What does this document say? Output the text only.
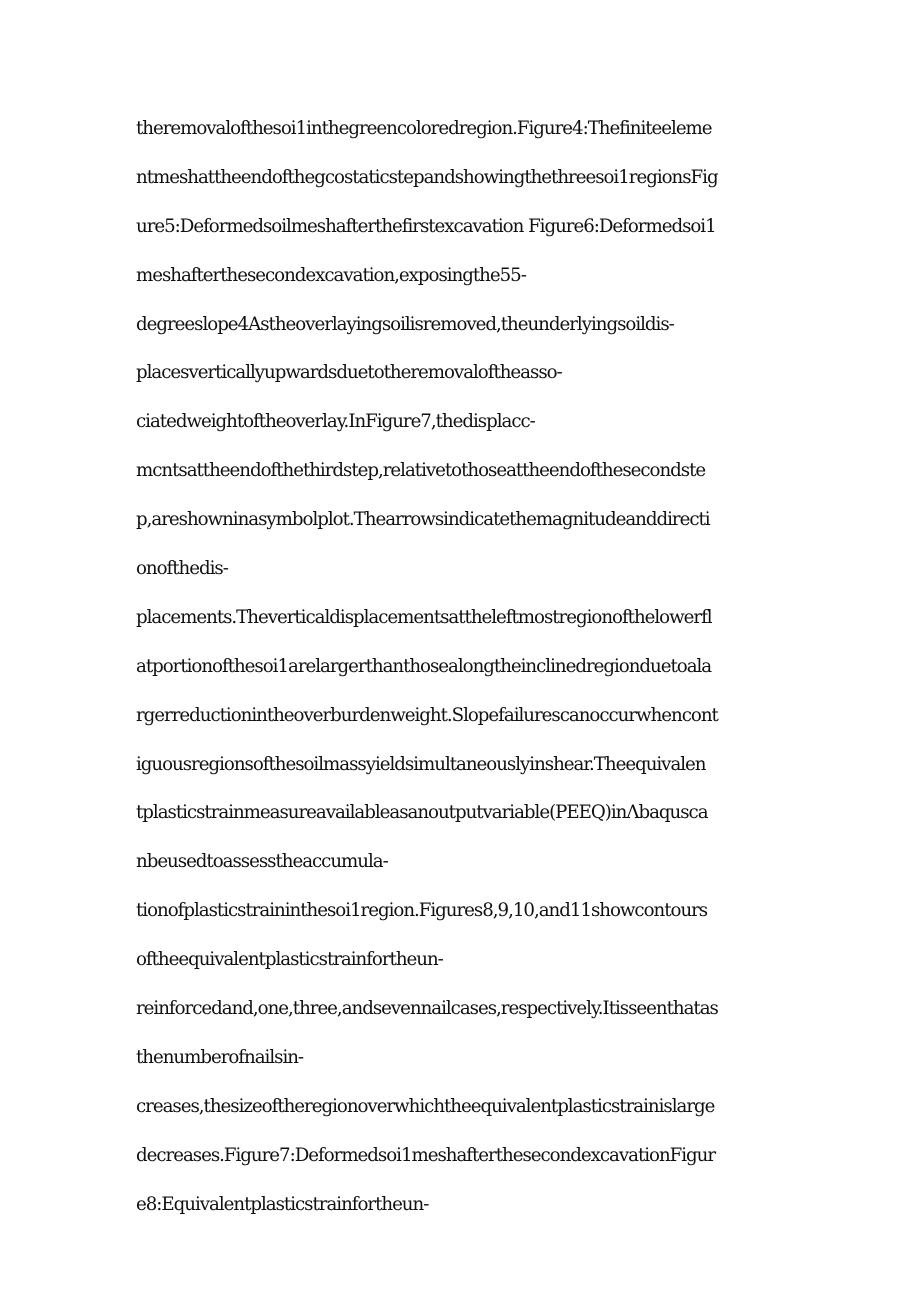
theremovalofthesoi1inthegreencoloredregion.Figure4:Thefiniteeleme
ntmeshattheendofthegcostaticstepandshowingthethreesoi1regionsFig
ure5:Deformedsoilmeshafterthefirstexcavation Figure6:Deformedsoi1
meshafterthesecondexcavation,exposingthe55-
degreeslope4Astheoverlayingsoilisremoved,theunderlyingsoildis-
placesverticallyupwardsduetotheremovaloftheasso-
ciatedweightoftheoverlay.InFigure7,thedisplacc-
mcntsattheendofthethirdstep,relativetothoseattheendofthesecondste
p,areshowninasymbolplot.Thearrowsindicatethemagnitudeanddirecti
onofthedis-
placements.Theverticaldisplacementsattheleftmostregionofthelowerfl
atportionofthesoi1arelargerthanthosealongtheinclinedregionduetoala
rgerreductionintheoverburdenweight.Slopefailurescanoccurwhencont
iguousregionsofthesoilmassyieldsimultaneouslyinshear.Theequivalen
tplasticstrainmeasureavailableasanoutputvariable(PEEQ)inΛbaqusca
nbeusedtoassesstheaccumula-
tionofplasticstraininthesoi1region.Figures8,9,10,and11showcontours
oftheequivalentplasticstrainfortheun-
reinforcedand,one,three,andsevennailcases,respectively.Itisseenthatas
thenumberofnailsin-
creases,thesizeoftheregionoverwhichtheequivalentplasticstrainislarge
decreases.Figure7:Deformedsoi1meshafterthesecondexcavationFigur
e8:Equivalentplasticstrainfortheun-
